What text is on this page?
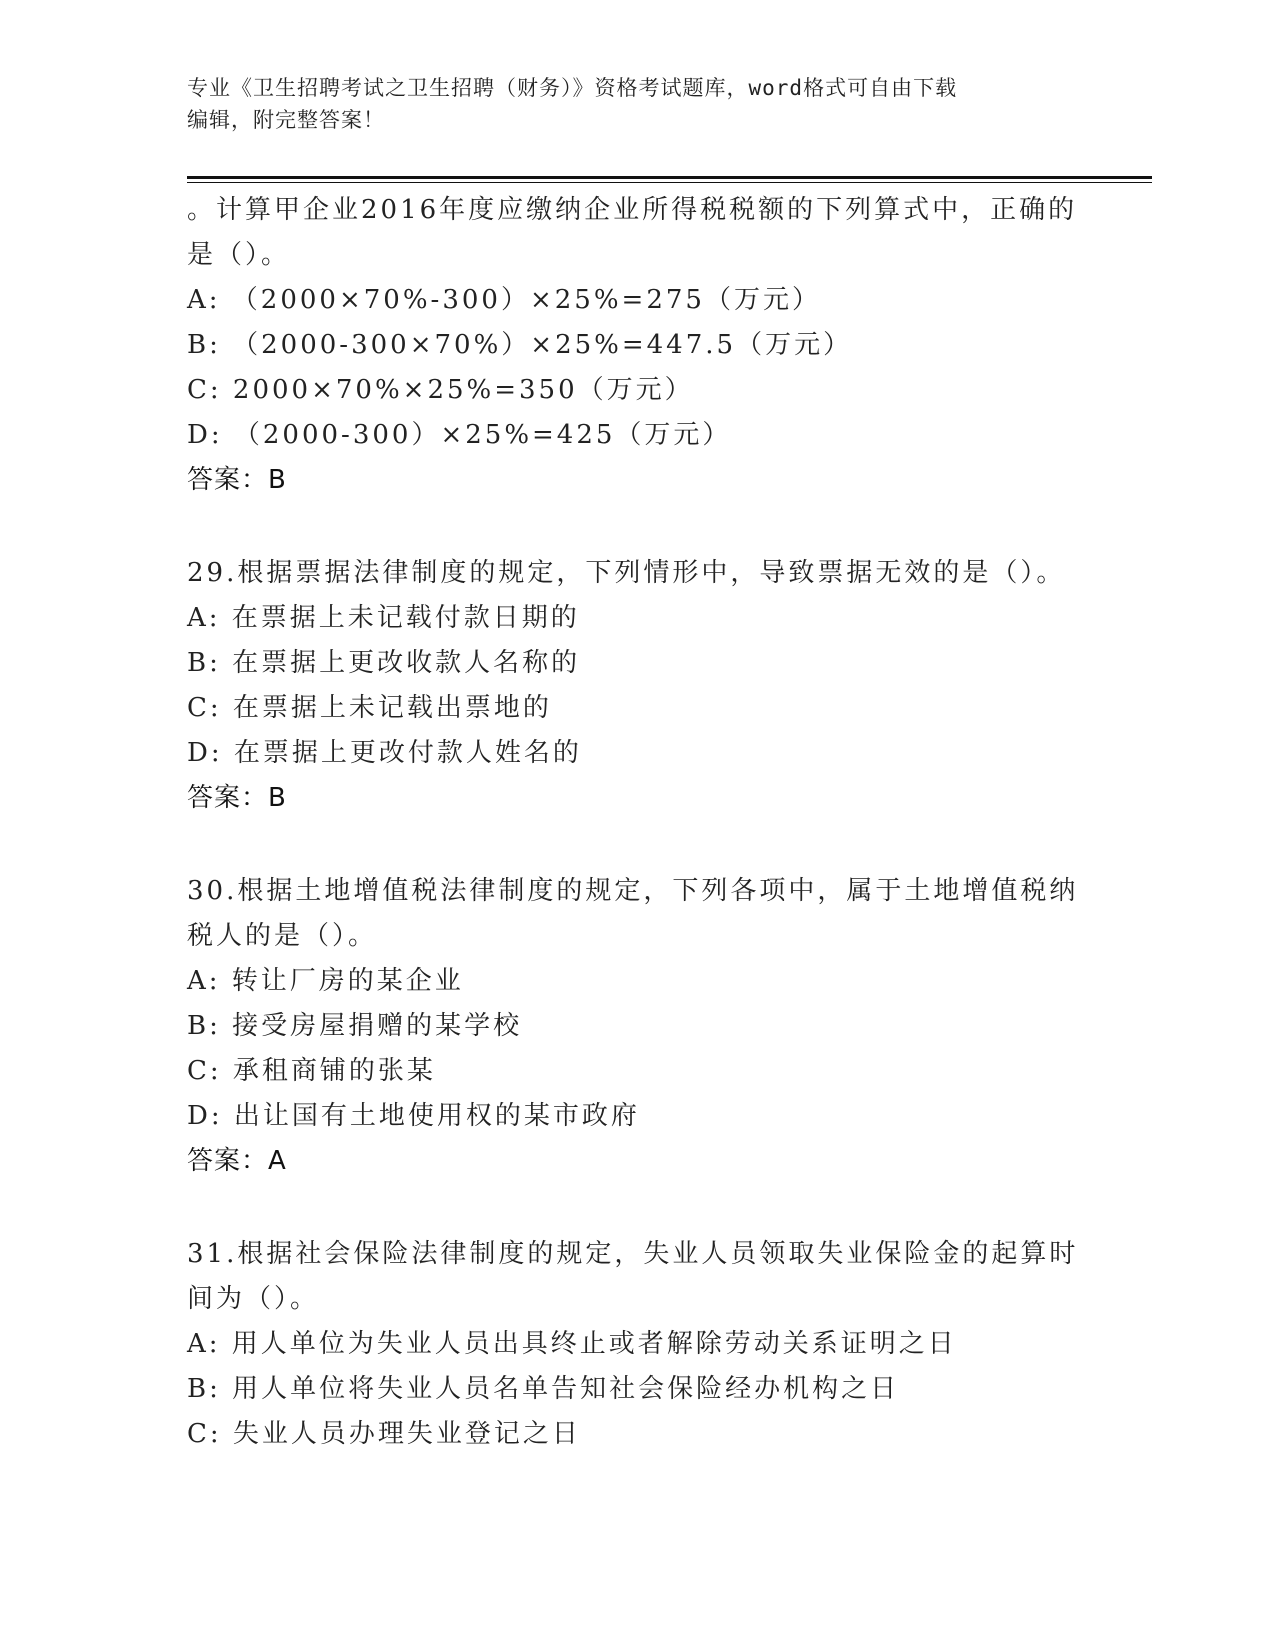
专业《卫生招聘考试之卫生招聘（财务）》资格考试题库，word格式可自由下载
编辑，附完整答案！
。计算甲企业2016年度应缴纳企业所得税税额的下列算式中，正确的
是（）。
A: （2000×70%-300）×25%=275（万元）
B: （2000-300×70%）×25%=447.5（万元）
C: 2000×70%×25%=350（万元）
D: （2000-300）×25%=425（万元）
答案：B
29.根据票据法律制度的规定，下列情形中，导致票据无效的是（）。
A: 在票据上未记载付款日期的
B: 在票据上更改收款人名称的
C: 在票据上未记载出票地的
D: 在票据上更改付款人姓名的
答案：B
30.根据土地增值税法律制度的规定，下列各项中，属于土地增值税纳
税人的是（）。
A: 转让厂房的某企业
B: 接受房屋捐赠的某学校
C: 承租商铺的张某
D: 出让国有土地使用权的某市政府
答案：A
31.根据社会保险法律制度的规定，失业人员领取失业保险金的起算时
间为（）。
A: 用人单位为失业人员出具终止或者解除劳动关系证明之日
B: 用人单位将失业人员名单告知社会保险经办机构之日
C: 失业人员办理失业登记之日
